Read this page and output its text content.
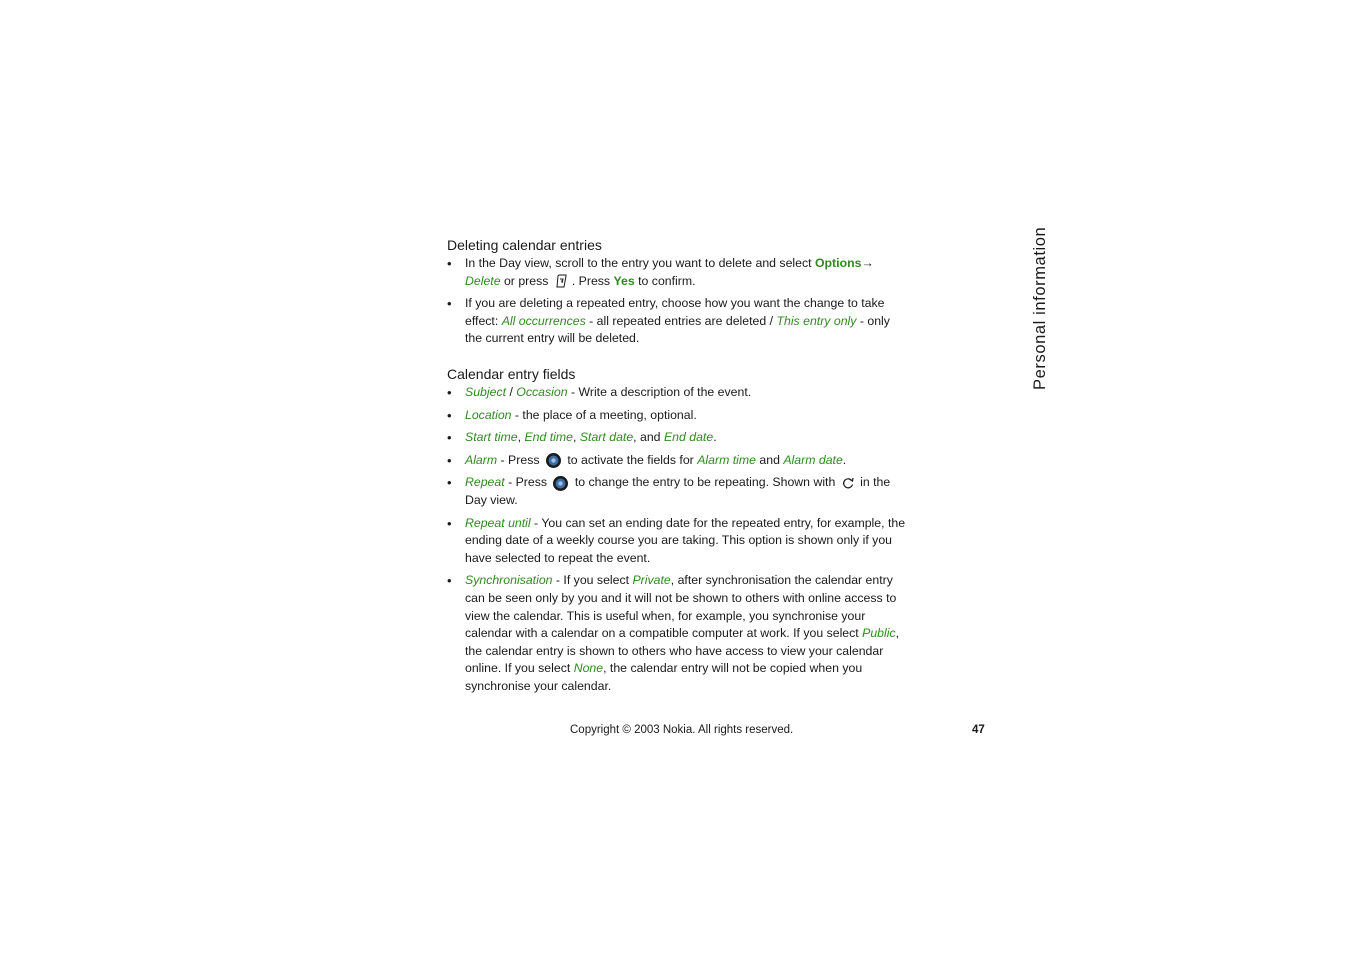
Personal information
Deleting calendar entries
• In the Day view, scroll to the entry you want to delete and select Options→
Delete or press
. Press Yes to confirm.
• If you are deleting a repeated entry, choose how you want the change to take effect: All occurrences - all repeated entries are deleted / This entry only - only the current entry will be deleted.
Calendar entry fields
• Subject / Occasion - Write a description of the event.
• Location - the place of a meeting, optional.
• Start time, End time, Start date, and End date.
• Alarm - Press
to activate the fields for Alarm time and Alarm date.
• Repeat - Press
to change the entry to be repeating. Shown with
in the Day view.
• Repeat until - You can set an ending date for the repeated entry, for example, the ending date of a weekly course you are taking. This option is shown only if you have selected to repeat the event.
• Synchronisation - If you select Private, after synchronisation the calendar entry can be seen only by you and it will not be shown to others with online access to view the calendar. This is useful when, for example, you synchronise your calendar with a calendar on a compatible computer at work. If you select Public, the calendar entry is shown to others who have access to view your calendar online. If you select None, the calendar entry will not be copied when you synchronise your calendar.
Copyright © 2003 Nokia. All rights reserved.	47
